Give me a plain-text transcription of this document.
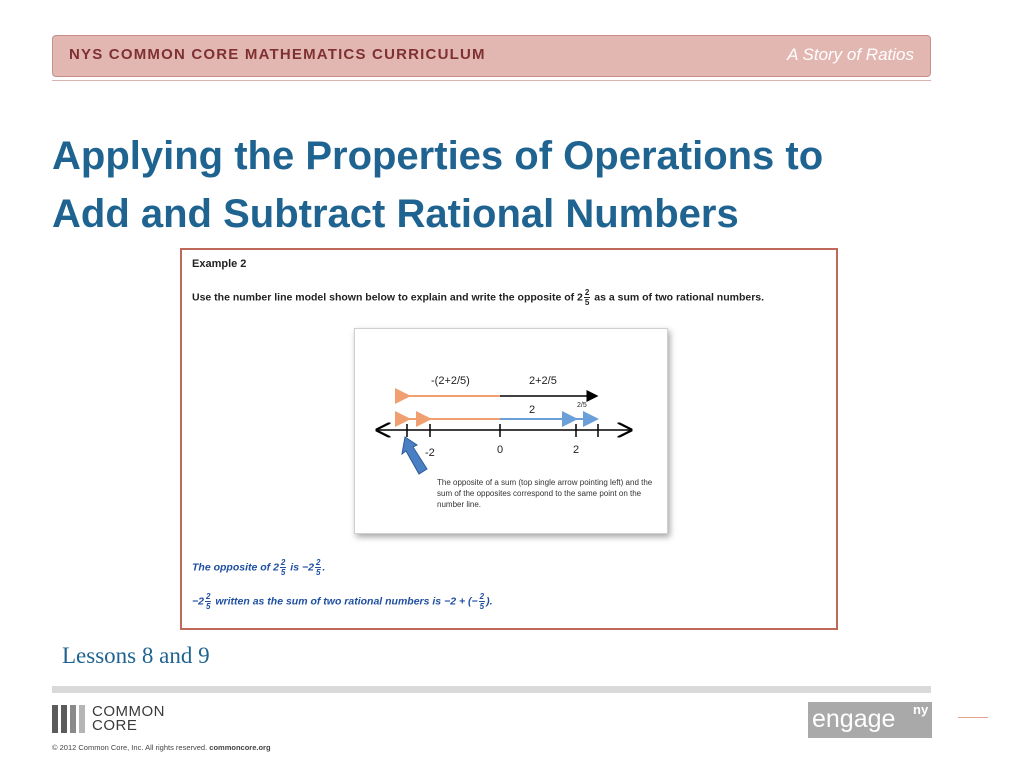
NYS COMMON CORE MATHEMATICS CURRICULUM	A Story of Ratios
Applying the Properties of Operations to
Add and Subtract Rational Numbers
Example 2
Use the number line model shown below to explain and write the opposite of $2 \frac{2}{5}$ as a sum of two rational numbers.
-(2+2/5)	2+2/5
2	2/5
-2	0	2
The opposite of a sum (top single arrow pointing left) and the sum of the opposites correspond to the same point on the number line.
The opposite of $2 \frac{2}{5}$ is $-2 \frac{2}{5}$ .
$-2 \frac{2}{5}$ written as the sum of two rational numbers is −2 + (− $\frac{2}{5}$ ).
Lessons 8 and 9
COMMON
CORE
© 2012 Common Core, Inc. All rights reserved. commoncore.org
engage ny
